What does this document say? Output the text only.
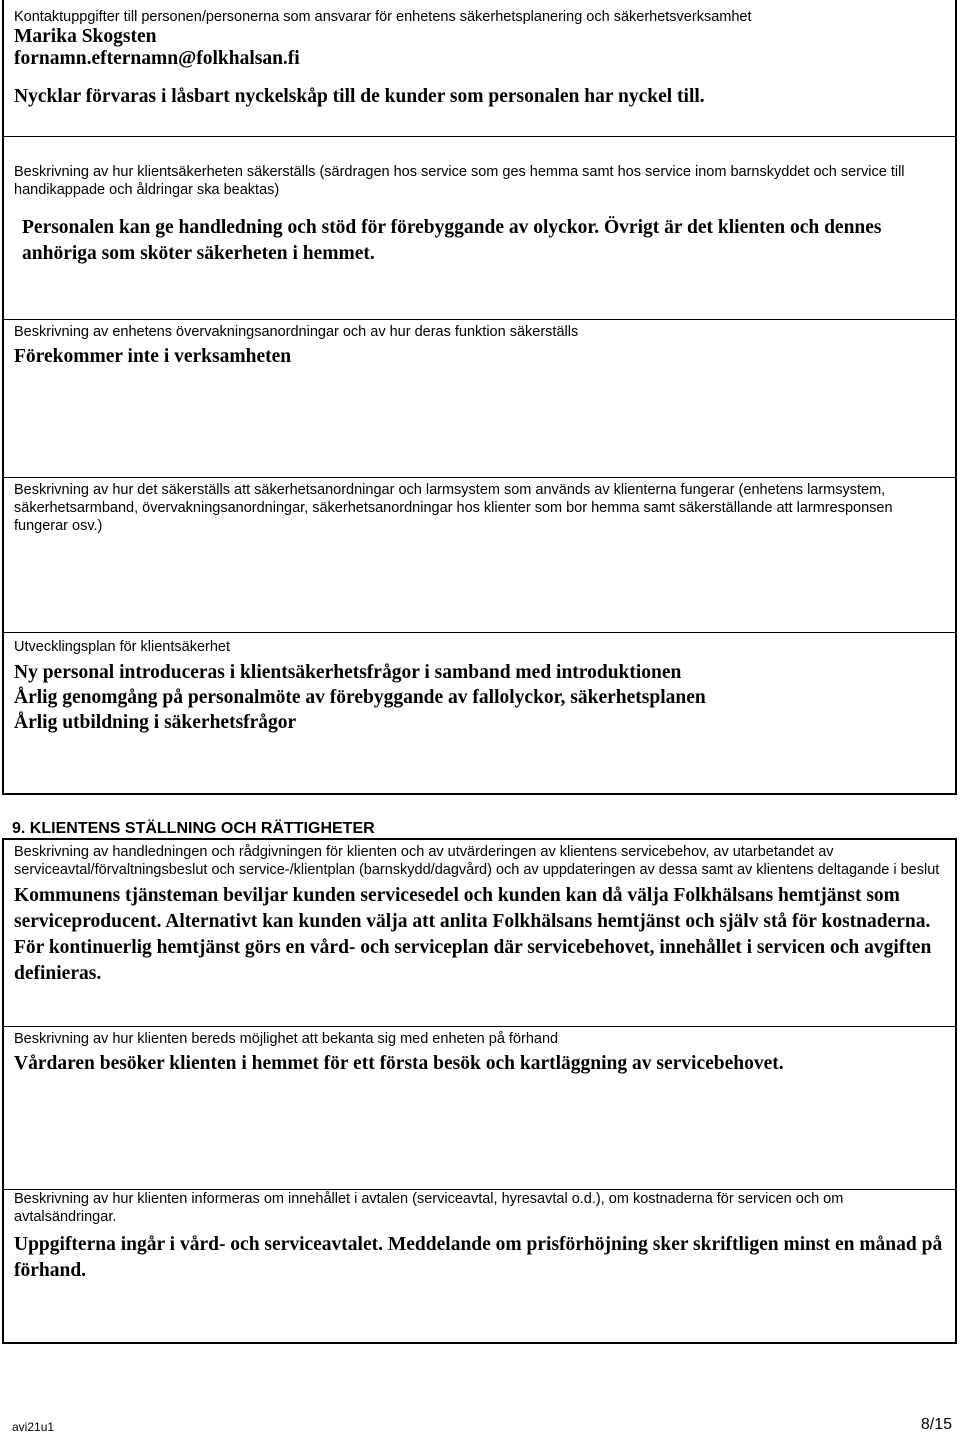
Kontaktuppgifter till personen/personerna som ansvarar för enhetens säkerhetsplanering och säkerhetsverksamhet

Marika Skogsten

fornamn.efternamn@folkhalsan.fi

Nycklar förvaras i låsbart nyckelskåp till de kunder som personalen har nyckel till.

Beskrivning av hur klientsäkerheten säkerställs (särdragen hos service som ges hemma samt hos service inom barnskyddet och service till handikappade och åldringar ska beaktas)

Personalen kan ge handledning och stöd för förebyggande av olyckor. Övrigt är det klienten och dennes anhöriga som sköter säkerheten i hemmet.

Beskrivning av enhetens övervakningsanordningar och av hur deras funktion säkerställs

Förekommer inte i verksamheten

Beskrivning av hur det säkerställs att säkerhetsanordningar och larmsystem som används av klienterna fungerar (enhetens larmsystem, säkerhetsarmband, övervakningsanordningar, säkerhetsanordningar hos klienter som bor hemma samt säkerställande att larmresponsen fungerar osv.)

Utvecklingsplan för klientsäkerhet

Ny personal introduceras i klientsäkerhetsfrågor i samband med introduktionen

Årlig genomgång på personalmöte av förebyggande av fallolyckor, säkerhetsplanen

Årlig utbildning i säkerhetsfrågor

9. KLIENTENS STÄLLNING OCH RÄTTIGHETER

Beskrivning av handledningen och rådgivningen för klienten och av utvärderingen av klientens servicebehov, av utarbetandet av serviceavtal/förvaltningsbeslut och service-/klientplan (barnskydd/dagvård) och av uppdateringen av dessa samt av klientens deltagande i beslut

Kommunens tjänsteman beviljar kunden servicesedel och kunden kan då välja Folkhälsans hemtjänst som serviceproducent. Alternativt kan kunden välja att anlita Folkhälsans hemtjänst och själv stå för kostnaderna. För kontinuerlig hemtjänst görs en vård- och serviceplan där servicebehovet, innehållet i servicen och avgiften definieras.

Beskrivning av hur klienten bereds möjlighet att bekanta sig med enheten på förhand

Vårdaren besöker klienten i hemmet för ett första besök och kartläggning av servicebehovet.

Beskrivning av hur klienten informeras om innehållet i avtalen (serviceavtal, hyresavtal o.d.), om kostnaderna för servicen och om avtalsändringar.

Uppgifterna ingår i vård- och serviceavtalet. Meddelande om prisförhöjning sker skriftligen minst en månad på förhand.

avi21u1	8/15
